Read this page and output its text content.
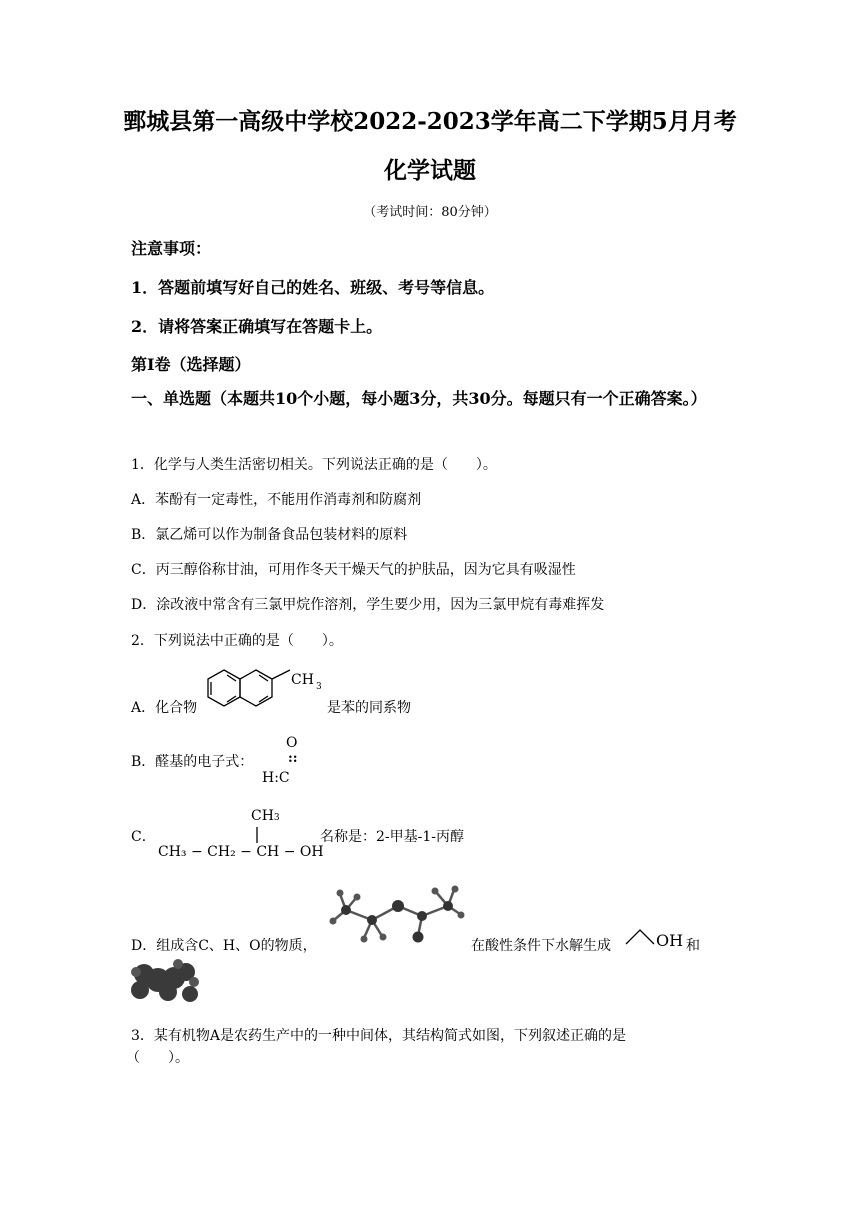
鄄城县第一高级中学校2022-2023学年高二下学期5月月考
化学试题
（考试时间：80分钟）
注意事项：
1．答题前填写好自己的姓名、班级、考号等信息。
2．请将答案正确填写在答题卡上。
第Ⅰ卷（选择题）
一、单选题（本题共10个小题，每小题3分，共30分。每题只有一个正确答案。）
1．化学与人类生活密切相关。下列说法正确的是（　　）。
A．苯酚有一定毒性，不能用作消毒剂和防腐剂
B．氯乙烯可以作为制备食品包装材料的原料
C．丙三醇俗称甘油，可用作冬天干燥天气的护肤品，因为它具有吸湿性
D．涂改液中常含有三氯甲烷作溶剂，学生要少用，因为三氯甲烷有毒难挥发
2．下列说法中正确的是（　　）。
A．化合物
CH 3
是苯的同系物
B．醛基的电子式：
O
::
H:C
C．
CH3
CH₃ − CH₂ − CH − OH
名称是：2-甲基-1-丙醇
D．组成含C、H、O的物质，	在酸性条件下水解生成	OH 和
3．某有机物A是农药生产中的一种中间体，其结构简式如图，下列叙述正确的是
（　　）。
